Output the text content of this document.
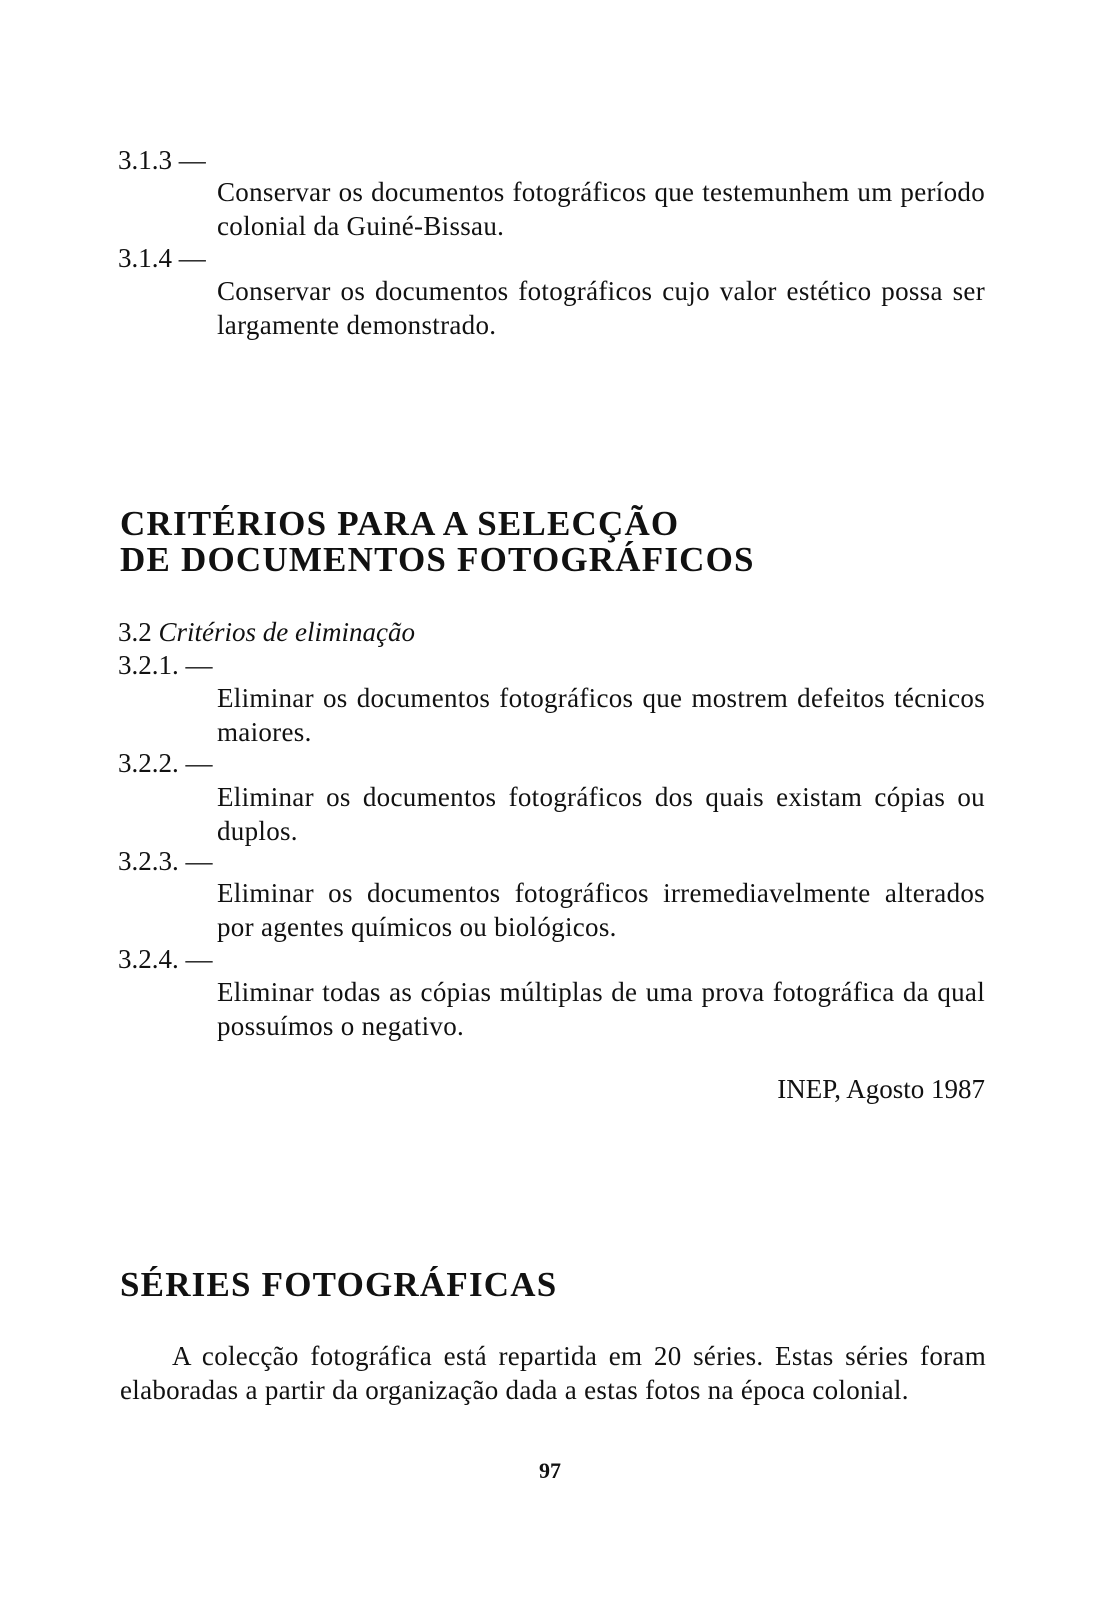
3.1.3 —
Conservar os documentos fotográficos que testemunhem um período colonial da Guiné-Bissau.
3.1.4 —
Conservar os documentos fotográficos cujo valor estético possa ser largamente demonstrado.
CRITÉRIOS PARA A SELECÇÃO
DE DOCUMENTOS FOTOGRÁFICOS
3.2 Critérios de eliminação
3.2.1. —
Eliminar os documentos fotográficos que mostrem defeitos técnicos maiores.
3.2.2. —
Eliminar os documentos fotográficos dos quais existam cópias ou duplos.
3.2.3. —
Eliminar os documentos fotográficos irremediavelmente alterados por agentes químicos ou biológicos.
3.2.4. —
Eliminar todas as cópias múltiplas de uma prova fotográfica da qual possuímos o negativo.
INEP, Agosto 1987
SÉRIES FOTOGRÁFICAS
A colecção fotográfica está repartida em 20 séries. Estas séries foram elaboradas a partir da organização dada a estas fotos na época colonial.
97
